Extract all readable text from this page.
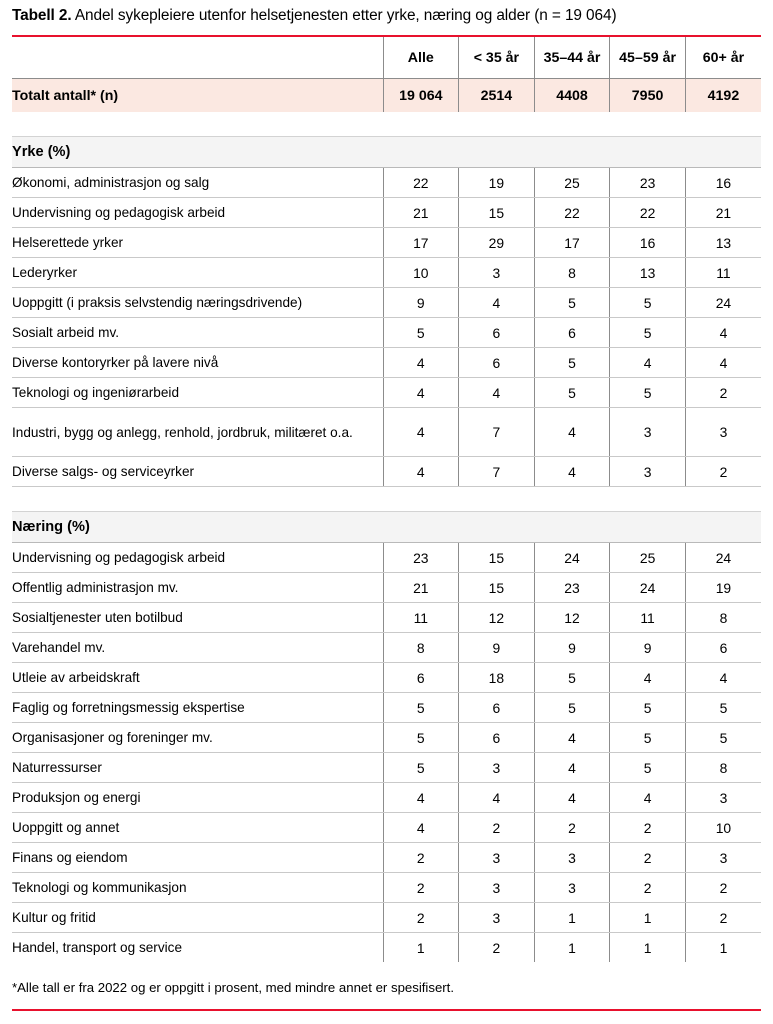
Tabell 2. Andel sykepleiere utenfor helsetjenesten etter yrke, næring og alder (n = 19 064)
	Alle	< 35 år	35–44 år	45–59 år	60+ år
Totalt antall* (n)	19 064	2514	4408	7950	4192

Yrke (%)					
Økonomi, administrasjon og salg	22	19	25	23	16
Undervisning og pedagogisk arbeid	21	15	22	22	21
Helserettede yrker	17	29	17	16	13
Lederyrker	10	3	8	13	11
Uoppgitt (i praksis selvstendig næringsdrivende)	9	4	5	5	24
Sosialt arbeid mv.	5	6	6	5	4
Diverse kontoryrker på lavere nivå	4	6	5	4	4
Teknologi og ingeniørarbeid	4	4	5	5	2
Industri, bygg og anlegg, renhold, jordbruk, militæret o.a.	4	7	4	3	3
Diverse salgs- og serviceyrker	4	7	4	3	2

Næring (%)					
Undervisning og pedagogisk arbeid	23	15	24	25	24
Offentlig administrasjon mv.	21	15	23	24	19
Sosialtjenester uten botilbud	11	12	12	11	8
Varehandel mv.	8	9	9	9	6
Utleie av arbeidskraft	6	18	5	4	4
Faglig og forretningsmessig ekspertise	5	6	5	5	5
Organisasjoner og foreninger mv.	5	6	4	5	5
Naturressurser	5	3	4	5	8
Produksjon og energi	4	4	4	4	3
Uoppgitt og annet	4	2	2	2	10
Finans og eiendom	2	3	3	2	3
Teknologi og kommunikasjon	2	3	3	2	2
Kultur og fritid	2	3	1	1	2
Handel, transport og service	1	2	1	1	1
*Alle tall er fra 2022 og er oppgitt i prosent, med mindre annet er spesifisert.
